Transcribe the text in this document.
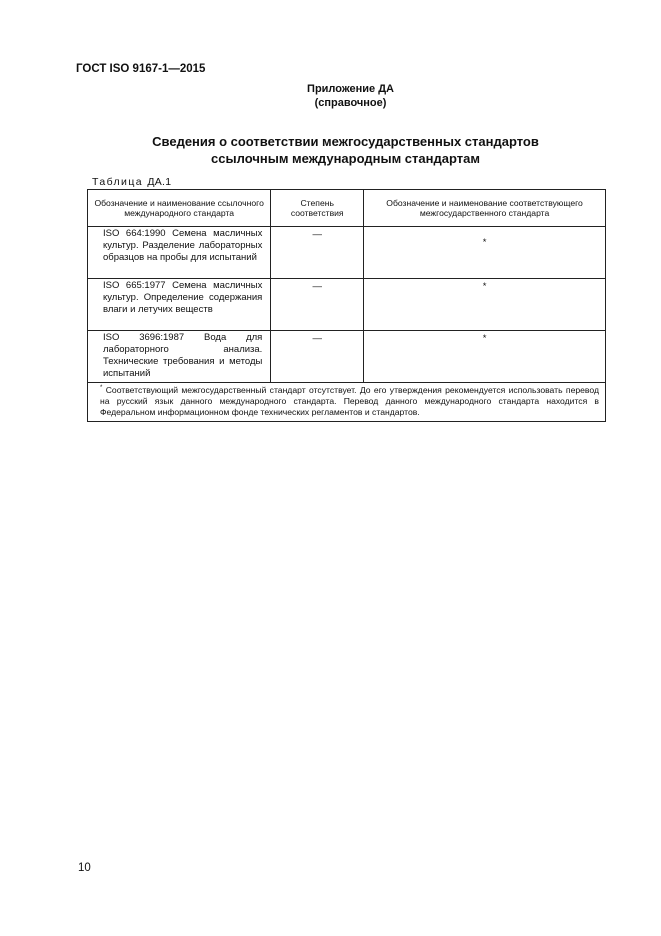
ГОСТ ISO 9167-1—2015
Приложение ДА
(справочное)
Сведения о соответствии межгосударственных стандартов
ссылочным международным стандартам
Таблица ДА.1
Обозначение и наименование ссылочного международного стандарта	Степень соответствия	Обозначение и наименование соответствующего межгосударственного стандарта
ISO 664:1990 Семена масличных культур. Разделение лабораторных образцов на пробы для испытаний	—	*
ISO 665:1977 Семена масличных культур. Определение содержания влаги и летучих веществ	—	*
ISO 3696:1987 Вода для лабораторного анализа. Технические требования и методы испытаний	—	*
* Соответствующий межгосударственный стандарт отсутствует. До его утверждения рекомендуется использовать перевод на русский язык данного международного стандарта. Перевод данного международного стандарта находится в Федеральном информационном фонде технических регламентов и стандартов.		
10
